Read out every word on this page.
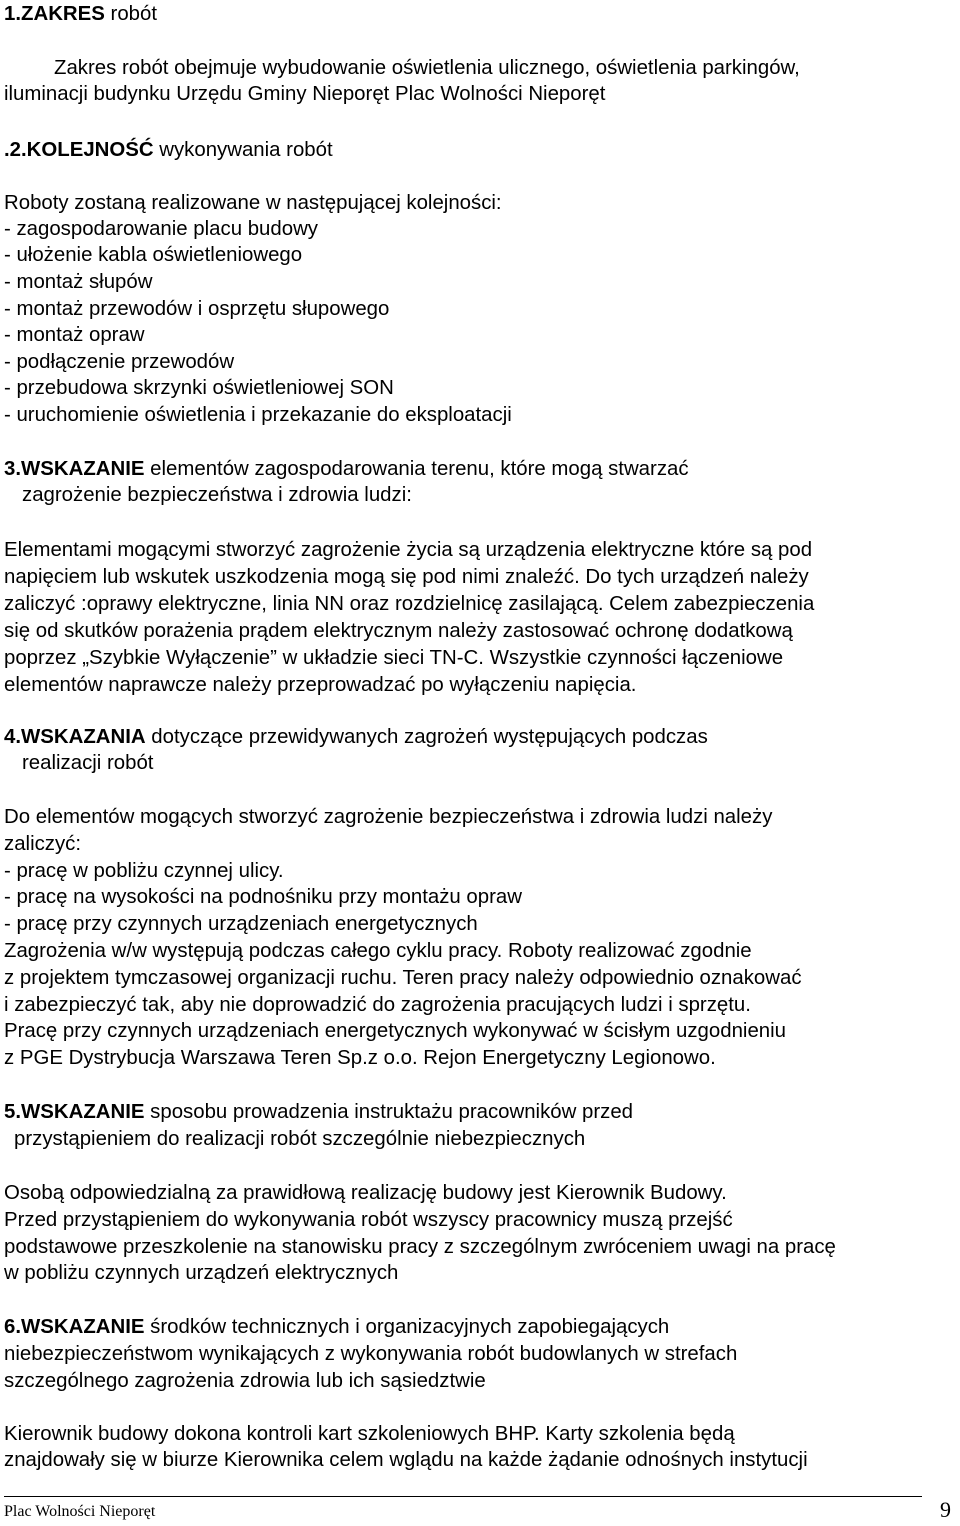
1.ZAKRES robót
Zakres robót obejmuje wybudowanie oświetlenia ulicznego, oświetlenia parkingów,
iluminacji budynku Urzędu Gminy Nieporęt Plac Wolności Nieporęt
.2.KOLEJNOŚĆ wykonywania robót
Roboty zostaną realizowane w następującej kolejności:
- zagospodarowanie placu budowy
- ułożenie kabla oświetleniowego
- montaż słupów
- montaż przewodów i osprzętu słupowego
- montaż opraw
- podłączenie przewodów
- przebudowa skrzynki oświetleniowej SON
- uruchomienie oświetlenia i przekazanie do eksploatacji
3.WSKAZANIE elementów zagospodarowania terenu, które mogą stwarzać
zagrożenie bezpieczeństwa i zdrowia ludzi:
Elementami mogącymi stworzyć zagrożenie życia są urządzenia elektryczne które są pod
napięciem lub wskutek uszkodzenia mogą się pod nimi znaleźć. Do tych urządzeń należy
zaliczyć :oprawy elektryczne, linia NN oraz rozdzielnicę zasilającą. Celem zabezpieczenia
się od skutków porażenia prądem elektrycznym należy zastosować ochronę dodatkową
poprzez „Szybkie Wyłączenie” w układzie sieci TN-C. Wszystkie czynności łączeniowe
elementów naprawcze należy przeprowadzać po wyłączeniu napięcia.
4.WSKAZANIA dotyczące przewidywanych zagrożeń występujących podczas
realizacji robót
Do elementów mogących stworzyć zagrożenie bezpieczeństwa i zdrowia ludzi należy
zaliczyć:
- pracę w pobliżu czynnej ulicy.
- pracę na wysokości na podnośniku przy montażu opraw
- pracę przy czynnych urządzeniach energetycznych
Zagrożenia w/w występują podczas całego cyklu pracy. Roboty realizować zgodnie
z projektem tymczasowej organizacji ruchu. Teren pracy należy odpowiednio oznakować
i zabezpieczyć tak, aby nie doprowadzić do zagrożenia pracujących ludzi i sprzętu.
Pracę przy czynnych urządzeniach energetycznych wykonywać w ścisłym uzgodnieniu
z PGE Dystrybucja Warszawa Teren Sp.z o.o. Rejon Energetyczny Legionowo.
5.WSKAZANIE sposobu prowadzenia instruktażu pracowników przed
przystąpieniem do realizacji robót szczególnie niebezpiecznych
Osobą odpowiedzialną za prawidłową realizację budowy jest Kierownik Budowy.
Przed przystąpieniem do wykonywania robót wszyscy pracownicy muszą przejść
podstawowe przeszkolenie na stanowisku pracy z szczególnym zwróceniem uwagi na pracę
w pobliżu czynnych urządzeń elektrycznych
6.WSKAZANIE środków technicznych i organizacyjnych zapobiegających
niebezpieczeństwom wynikających z wykonywania robót budowlanych w strefach
szczególnego zagrożenia zdrowia lub ich sąsiedztwie
Kierownik budowy dokona kontroli kart szkoleniowych BHP. Karty szkolenia będą
znajdowały się w biurze Kierownika celem wglądu na każde żądanie odnośnych instytucji
Plac Wolności Nieporęt	9
